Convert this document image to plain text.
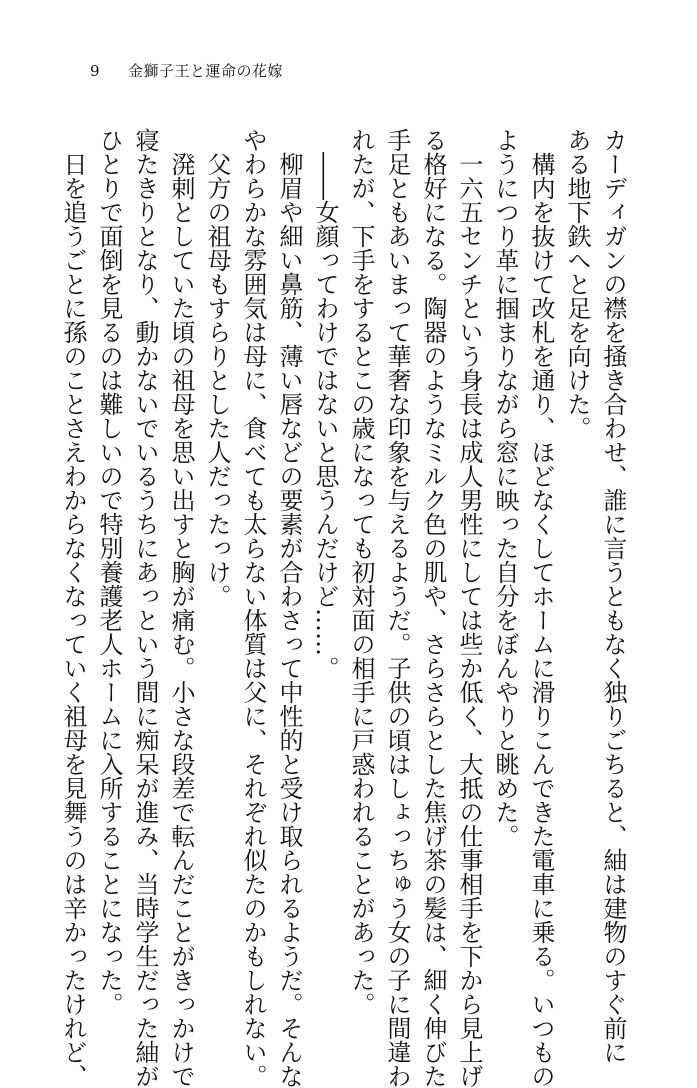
9 金獅子王と運命の花嫁
カーディガンの襟を掻き合わせ、誰に言うともなく独りごちると、紬は建物のすぐ前に
ある地下鉄へと足を向けた。
　構内を抜けて改札を通り、ほどなくしてホームに滑りこんできた電車に乗る。いつもの
ようにつり革に掴まりながら窓に映った自分をぼんやりと眺めた。
　一六五センチという身長は成人男性にしては些か低く、大抵の仕事相手を下から見上げ
る格好になる。陶器のようなミルク色の肌や、さらさらとした焦げ茶の髪は、細く伸びた
手足ともあいまって華奢な印象を与えるようだ。子供の頃はしょっちゅう女の子に間違わ
れたが、下手をするとこの歳になっても初対面の相手に戸惑われることがあった。
　――女顔ってわけではないと思うんだけど……。
　柳眉や細い鼻筋、薄い唇などの要素が合わさって中性的と受け取られるようだ。そんな
やわらかな雰囲気は母に、食べても太らない体質は父に、それぞれ似たのかもしれない。
　父方の祖母もすらりとした人だったっけ。
　溌剌としていた頃の祖母を思い出すと胸が痛む。小さな段差で転んだことがきっかけで
寝たきりとなり、動かないでいるうちにあっという間に痴呆が進み、当時学生だった紬が
ひとりで面倒を見るのは難しいので特別養護老人ホームに入所することになった。
　日を追うごとに孫のことさえわからなくなっていく祖母を見舞うのは辛かったけれど、
